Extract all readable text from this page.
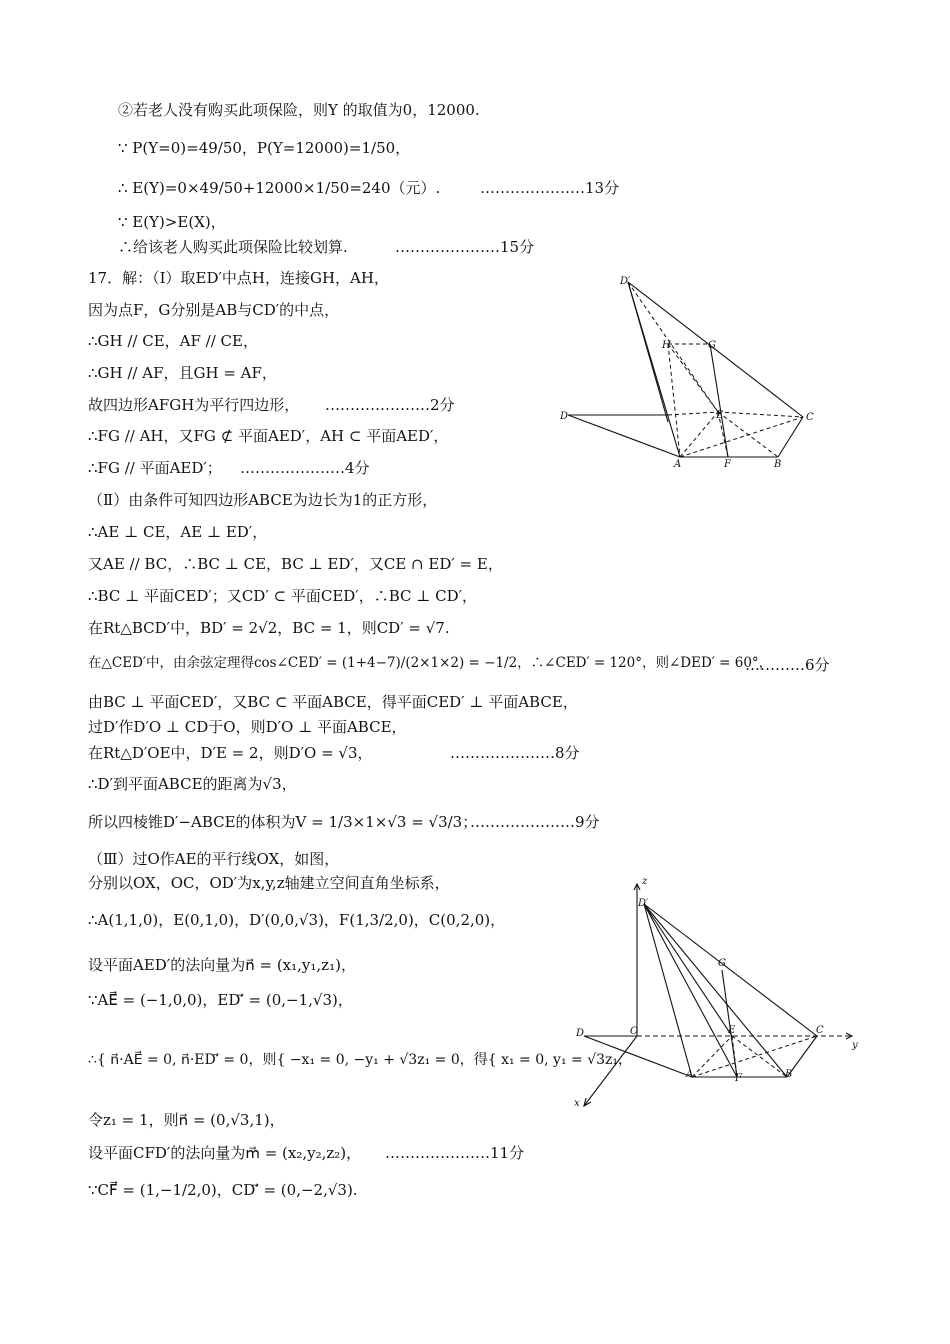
②若老人没有购买此项保险，则Y 的取值为0，12000.
∵ P(Y=0)=49/50，P(Y=12000)=1/50，
∴ E(Y)=0×49/50+12000×1/50=240（元）.
∵ E(Y)>E(X)，
∴给该老人购买此项保险比较划算.
17．解：（Ⅰ）取ED′中点H，连接GH，AH，
因为点F，G分别是AB与CD′的中点，
∴GH // CE，AF // CE，
∴GH // AF，且GH = AF，
故四边形AFGH为平行四边形，
∴FG // AH，又FG ⊄ 平面AED′，AH ⊂ 平面AED′，
∴FG // 平面AED′；
（Ⅱ）由条件可知四边形ABCE为边长为1的正方形，
∴AE ⊥ CE，AE ⊥ ED′，
又AE // BC，∴BC ⊥ CE，BC ⊥ ED′，又CE ∩ ED′ = E，
∴BC ⊥ 平面CED′；又CD′ ⊂ 平面CED′，∴BC ⊥ CD′，
在Rt△BCD′中，BD′ = 2√2，BC = 1，则CD′ = √7.
在△CED′中，由余弦定理得cos∠CED′ = (1+4−7)/(2×1×2) = −1/2，∴∠CED′ = 120°，则∠DED′ = 60°，
由BC ⊥ 平面CED′，又BC ⊂ 平面ABCE，得平面CED′ ⊥ 平面ABCE，
过D′作D′O ⊥ CD于O，则D′O ⊥ 平面ABCE，
在Rt△D′OE中，D′E = 2，则D′O = √3，
∴D′到平面ABCE的距离为√3，
所以四棱锥D′−ABCE的体积为V = 1/3×1×√3 = √3/3；
（Ⅲ）过O作AE的平行线OX，如图，
分别以OX，OC，OD′为x,y,z轴建立空间直角坐标系，
∴A(1,1,0)，E(0,1,0)，D′(0,0,√3)，F(1,3/2,0)，C(0,2,0)，
设平面AED′的法向量为n⃗ = (x₁,y₁,z₁)，
∵AE⃗ = (−1,0,0)，ED′⃗ = (0,−1,√3)，
∴{ n⃗·AE⃗ = 0, n⃗·ED′⃗ = 0，则{ −x₁ = 0, −y₁ + √3z₁ = 0，得{ x₁ = 0, y₁ = √3z₁，
令z₁ = 1，则n⃗ = (0,√3,1)，
设平面CFD′的法向量为m⃗ = (x₂,y₂,z₂)，
∵CF⃗ = (1,−1/2,0)，CD′⃗ = (0,−2,√3).
…………………13分
…………………15分
…………………2分
…………………4分
…………6分
…………………8分
…………………9分
…………………11分
D′
H	G
D	E	C
A	F	B
z
D′
G
D	O	E	C
y
A	F	B
x
